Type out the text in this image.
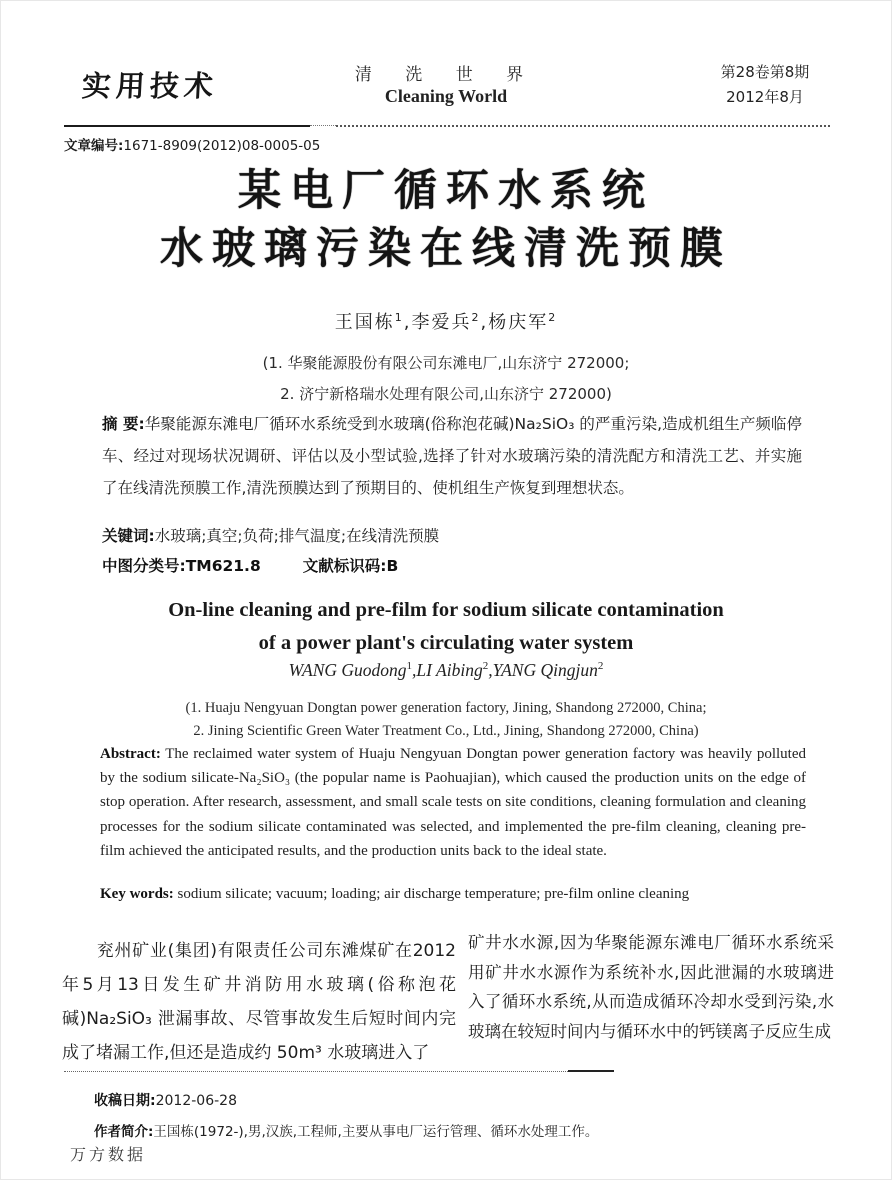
实用技术	清 洗 世 界
Cleaning World
第28卷第8期
2012年8月
文章编号:1671-8909(2012)08-0005-05
某电厂循环水系统
水玻璃污染在线清洗预膜
王国栋$^1$,李爱兵$^2$,杨庆军$^2$
(1. 华聚能源股份有限公司东滩电厂,山东济宁 272000;
2. 济宁新格瑞水处理有限公司,山东济宁 272000)
摘 要:华聚能源东滩电厂循环水系统受到水玻璃(俗称泡花碱)Na₂SiO₃ 的严重污染,造成机组生产频临停车、经过对现场状况调研、评估以及小型试验,选择了针对水玻璃污染的清洗配方和清洗工艺、并实施了在线清洗预膜工作,清洗预膜达到了预期目的、使机组生产恢复到理想状态。
关键词:水玻璃;真空;负荷;排气温度;在线清洗预膜
中图分类号:TM621.8	文献标识码:B
On-line cleaning and pre-film for sodium silicate contamination
of a power plant's circulating water system
WANG Guodong$^1$,LI Aibing$^2$,YANG Qingjun$^2$
(1. Huaju Nengyuan Dongtan power generation factory, Jining, Shandong 272000, China;
2. Jining Scientific Green Water Treatment Co., Ltd., Jining, Shandong 272000, China)
Abstract: The reclaimed water system of Huaju Nengyuan Dongtan power generation factory was heavily polluted by the sodium silicate-Na₂SiO₃ (the popular name is Paohuajian), which caused the production units on the edge of stop operation. After research, assessment, and small scale tests on site conditions, cleaning formulation and cleaning processes for the sodium silicate contaminated was selected, and implemented the pre-film cleaning, cleaning pre-film achieved the anticipated results, and the production units back to the ideal state.
Key words: sodium silicate; vacuum; loading; air discharge temperature; pre-film online cleaning
兖州矿业(集团)有限责任公司东滩煤矿在2012年5月13日发生矿井消防用水玻璃(俗称泡花碱)Na₂SiO₃ 泄漏事故、尽管事故发生后短时间内完成了堵漏工作,但还是造成约 50m³ 水玻璃进入了
矿井水水源,因为华聚能源东滩电厂循环水系统采用矿井水水源作为系统补水,因此泄漏的水玻璃进入了循环水系统,从而造成循环冷却水受到污染,水玻璃在较短时间内与循环水中的钙镁离子反应生成
收稿日期:2012-06-28
作者简介:王国栋(1972-),男,汉族,工程师,主要从事电厂运行管理、循环水处理工作。
万方数据
